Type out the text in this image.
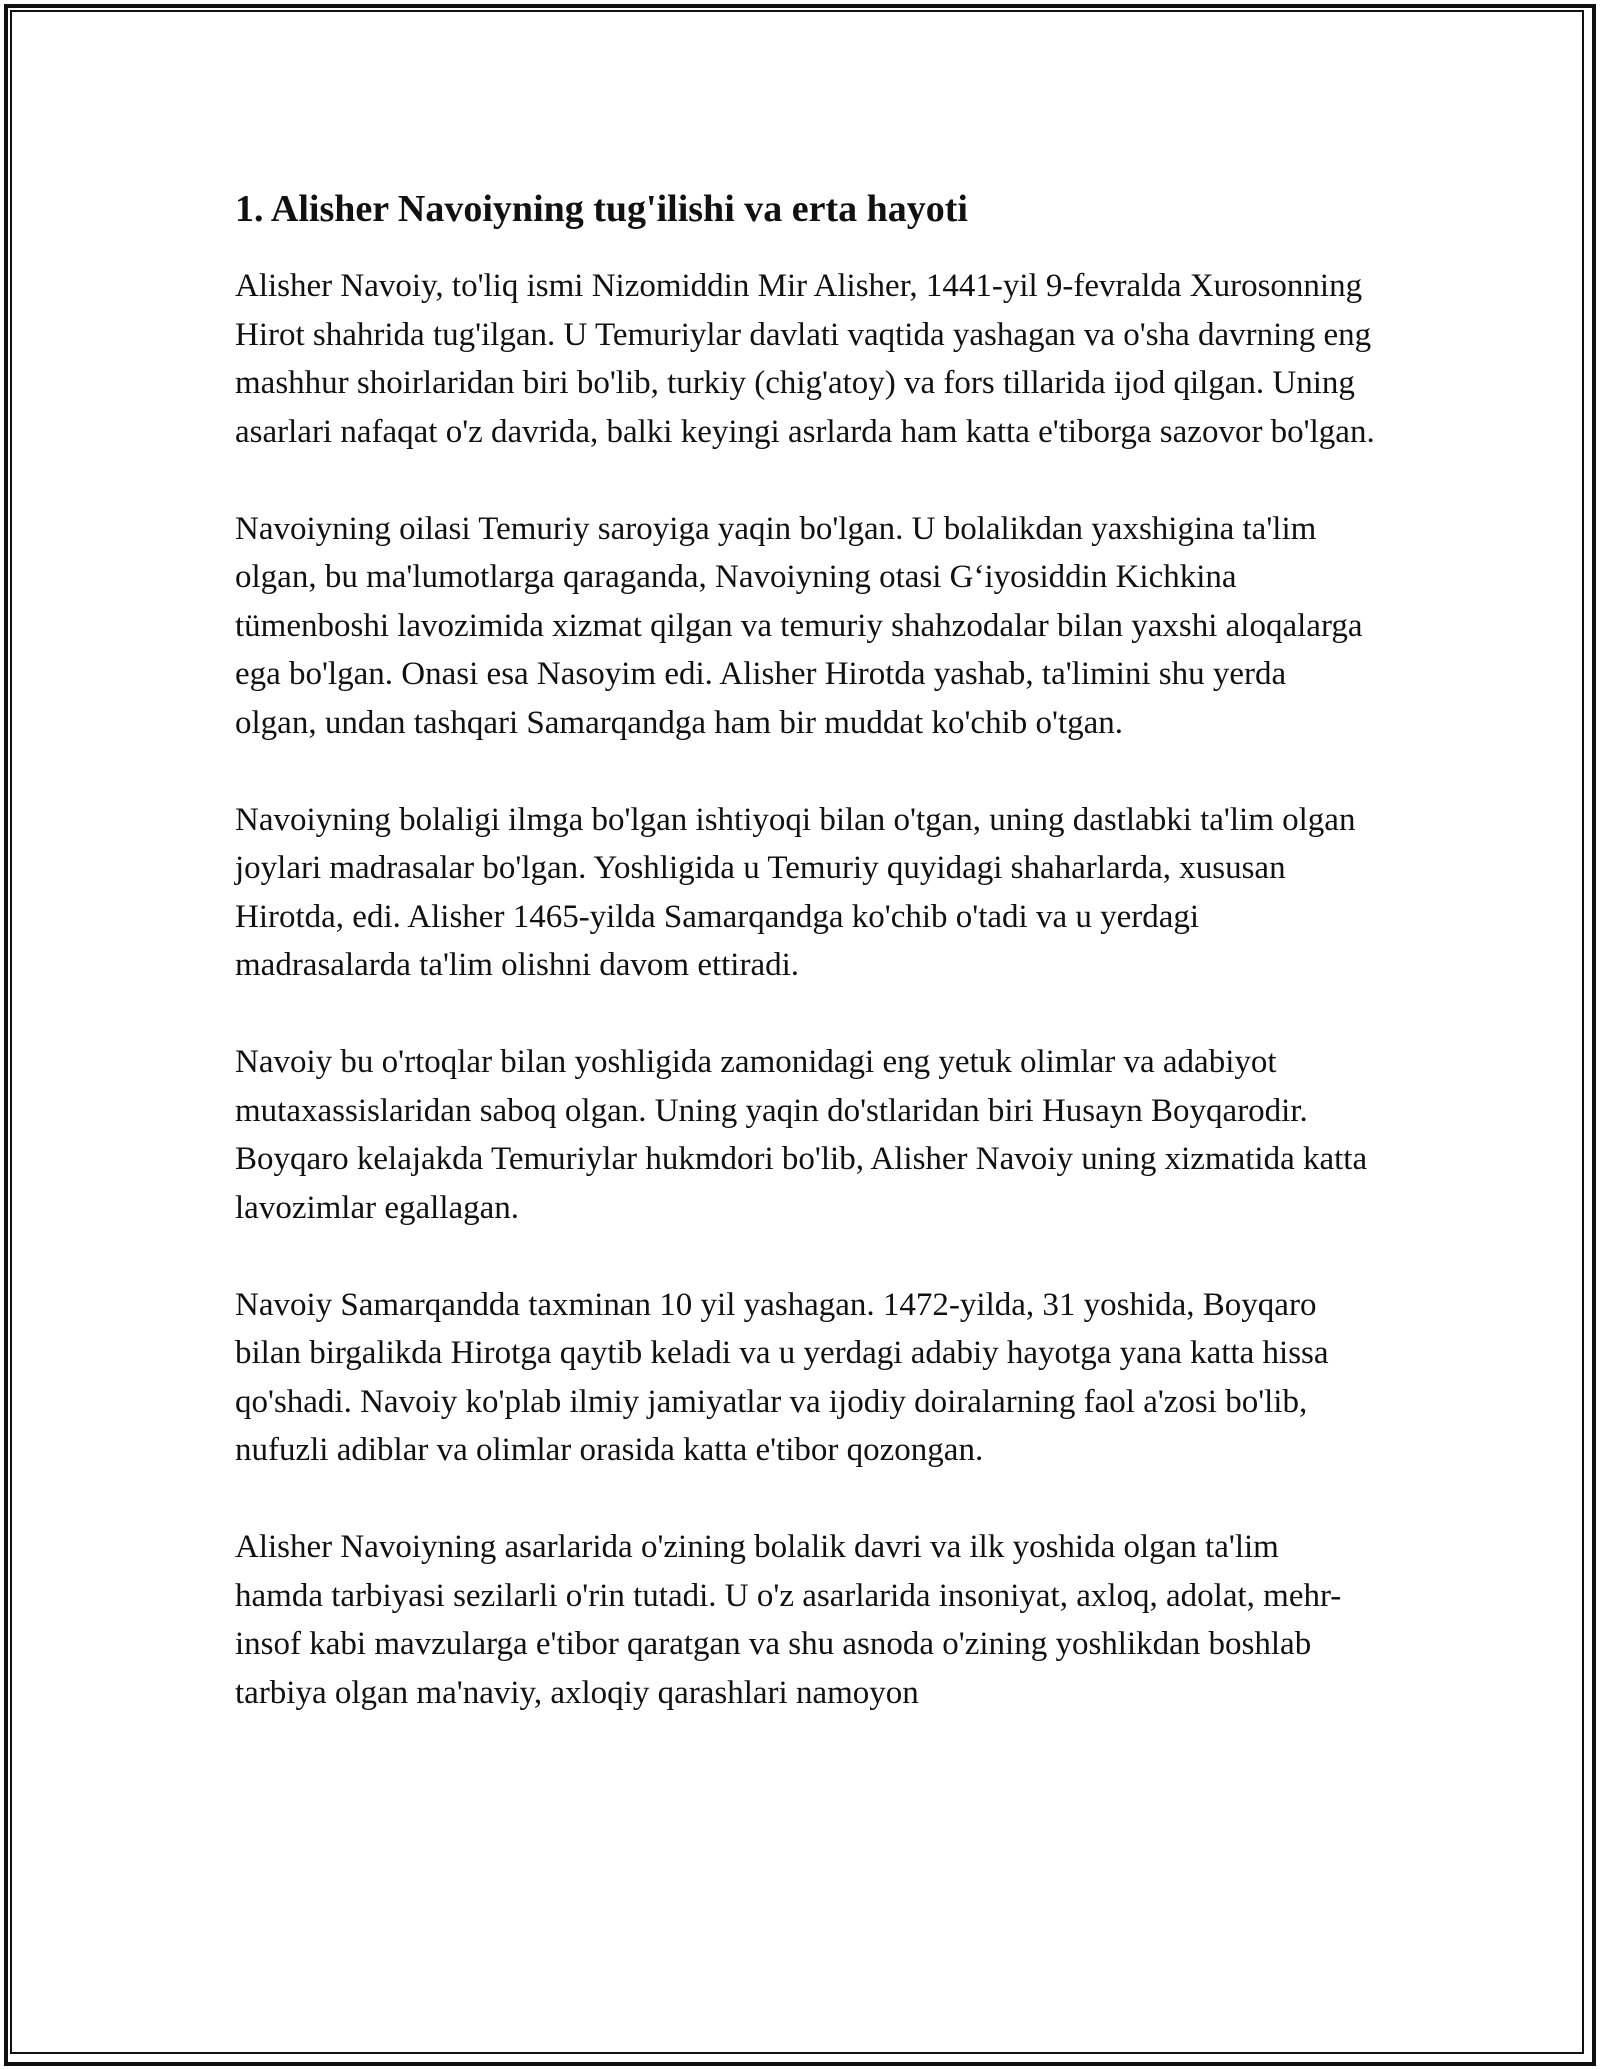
1. Alisher Navoiyning tug'ilishi va erta hayoti

Alisher Navoiy, to'liq ismi Nizomiddin Mir Alisher, 1441-yil 9-fevralda Xurosonning Hirot shahrida tug'ilgan. U Temuriylar davlati vaqtida yashagan va o'sha davrning eng mashhur shoirlaridan biri bo'lib, turkiy (chig'atoy) va fors tillarida ijod qilgan. Uning asarlari nafaqat o'z davrida, balki keyingi asrlarda ham katta e'tiborga sazovor bo'lgan.

Navoiyning oilasi Temuriy saroyiga yaqin bo'lgan. U bolalikdan yaxshigina ta'lim olgan, bu ma'lumotlarga qaraganda, Navoiyning otasi G‘iyosiddin Kichkina tümenboshi lavozimida xizmat qilgan va temuriy shahzodalar bilan yaxshi aloqalarga ega bo'lgan. Onasi esa Nasoyim edi. Alisher Hirotda yashab, ta'limini shu yerda olgan, undan tashqari Samarqandga ham bir muddat ko'chib o'tgan.

Navoiyning bolaligi ilmga bo'lgan ishtiyoqi bilan o'tgan, uning dastlabki ta'lim olgan joylari madrasalar bo'lgan. Yoshligida u Temuriy quyidagi shaharlarda, xususan Hirotda, edi. Alisher 1465-yilda Samarqandga ko'chib o'tadi va u yerdagi madrasalarda ta'lim olishni davom ettiradi.

Navoiy bu o'rtoqlar bilan yoshligida zamonidagi eng yetuk olimlar va adabiyot mutaxassislaridan saboq olgan. Uning yaqin do'stlaridan biri Husayn Boyqarodir. Boyqaro kelajakda Temuriylar hukmdori bo'lib, Alisher Navoiy uning xizmatida katta lavozimlar egallagan.

Navoiy Samarqandda taxminan 10 yil yashagan. 1472-yilda, 31 yoshida, Boyqaro bilan birgalikda Hirotga qaytib keladi va u yerdagi adabiy hayotga yana katta hissa qo'shadi. Navoiy ko'plab ilmiy jamiyatlar va ijodiy doiralarning faol a'zosi bo'lib, nufuzli adiblar va olimlar orasida katta e'tibor qozongan.

Alisher Navoiyning asarlarida o'zining bolalik davri va ilk yoshida olgan ta'lim hamda tarbiyasi sezilarli o'rin tutadi. U o'z asarlarida insoniyat, axloq, adolat, mehr-insof kabi mavzularga e'tibor qaratgan va shu asnoda o'zining yoshlikdan boshlab tarbiya olgan ma'naviy, axloqiy qarashlari namoyon
